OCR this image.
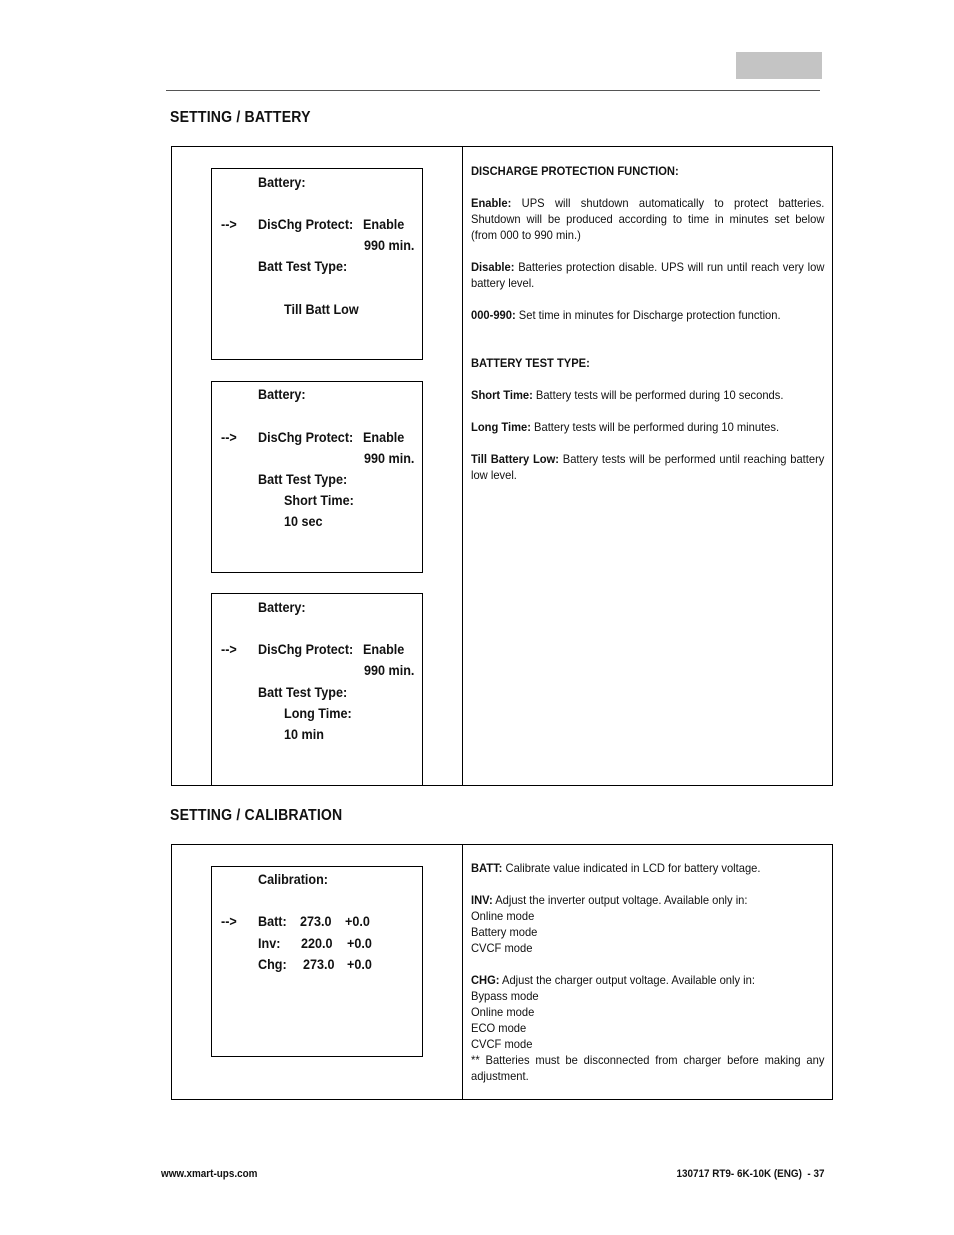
SETTING / BATTERY
Battery:
--> DisChg Protect: Enable
990 min.
Batt Test Type:
Till Batt Low
Battery:
--> DisChg Protect: Enable
990 min.
Batt Test Type:
Short Time:
10 sec
Battery:
--> DisChg Protect: Enable
990 min.
Batt Test Type:
Long Time:
10 min

DISCHARGE PROTECTION FUNCTION:

Enable: UPS will shutdown automatically to protect batteries. Shutdown will be produced according to time in minutes set below (from 000 to 990 min.)

Disable: Batteries protection disable. UPS will run until reach very low battery level.

000-990: Set time in minutes for Discharge protection function.

BATTERY TEST TYPE:

Short Time: Battery tests will be performed during 10 seconds.

Long Time: Battery tests will be performed during 10 minutes.

Till Battery Low: Battery tests will be performed until reaching battery low level.

SETTING / CALIBRATION
Calibration:
--> Batt: 273.0 +0.0
Inv: 220.0 +0.0
Chg: 273.0 +0.0

BATT: Calibrate value indicated in LCD for battery voltage.

INV: Adjust the inverter output voltage. Available only in:

Online mode

Battery mode

CVCF mode

CHG: Adjust the charger output voltage. Available only in:

Bypass mode

Online mode

ECO mode

CVCF mode

** Batteries must be disconnected from charger before making any adjustment.

www.xmart-ups.com	130717 RT9- 6K-10K (ENG)  - 37
